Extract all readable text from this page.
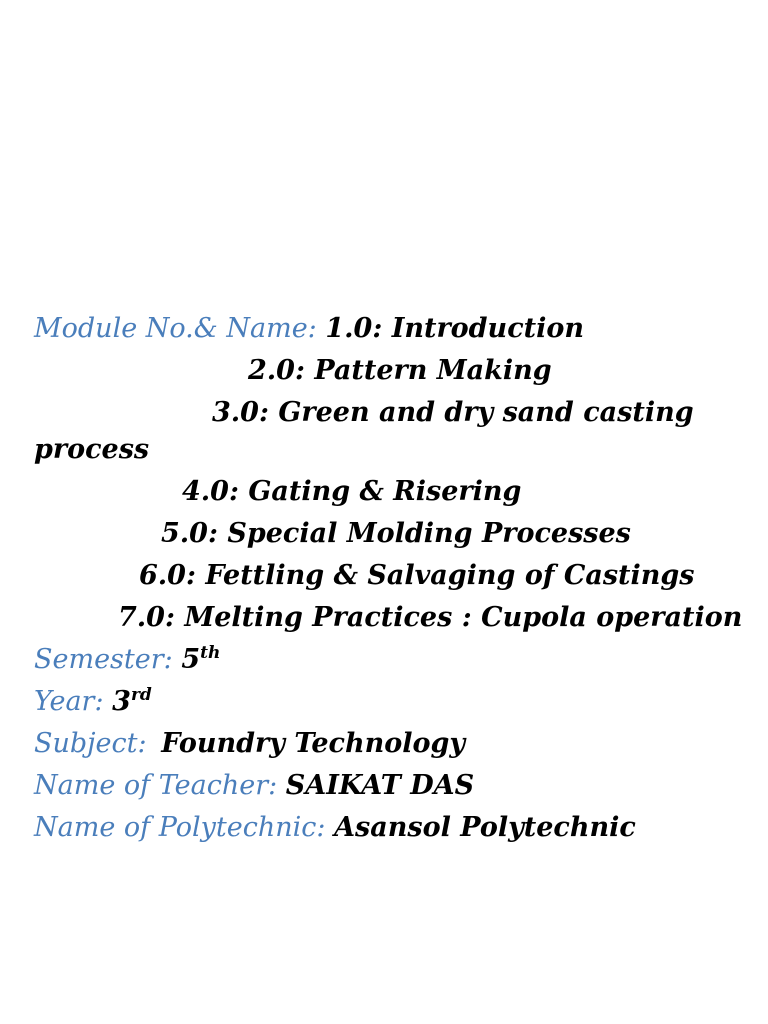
Module No.& Name: 1.0: Introduction
2.0: Pattern Making
3.0: Green and dry sand casting
process
4.0: Gating & Risering
5.0: Special Molding Processes
6.0: Fettling & Salvaging of Castings
7.0: Melting Practices : Cupola operation
Semester: 5th
Year: 3rd
Subject: Foundry Technology
Name of Teacher: SAIKAT DAS
Name of Polytechnic: Asansol Polytechnic
